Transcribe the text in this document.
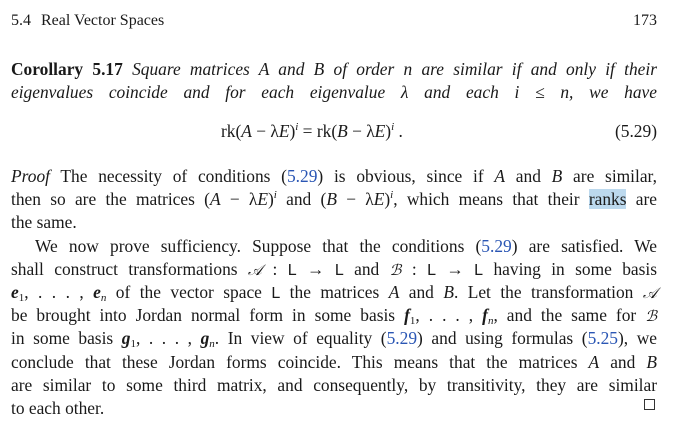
5.4 Real Vector Spaces	173
Corollary 5.17 Square matrices A and B of order n are similar if and only if their
eigenvalues coincide and for each eigenvalue λ and each i ≤ n, we have
$rk(A - \lambda E)^i = rk(B - \lambda E)^i$ .	(5.29)
Proof The necessity of conditions (5.29) is obvious, since if A and B are similar,
then so are the matrices $(A - \lambda E)^i$ and $(B - \lambda E)^i$, which means that their ranks are
the same.
We now prove sufficiency. Suppose that the conditions (5.29) are satisfied. We
shall construct transformations 𝒜 : L → L and ℬ : L → L having in some basis
$e_1$, . . . , $e_n$ of the vector space L the matrices A and B. Let the transformation 𝒜
be brought into Jordan normal form in some basis $f_1$, . . . , $f_n$, and the same for ℬ
in some basis $g_1$, . . . , $g_n$. In view of equality (5.29) and using formulas (5.25), we
conclude that these Jordan forms coincide. This means that the matrices A and B
are similar to some third matrix, and consequently, by transitivity, they are similar
to each other.
